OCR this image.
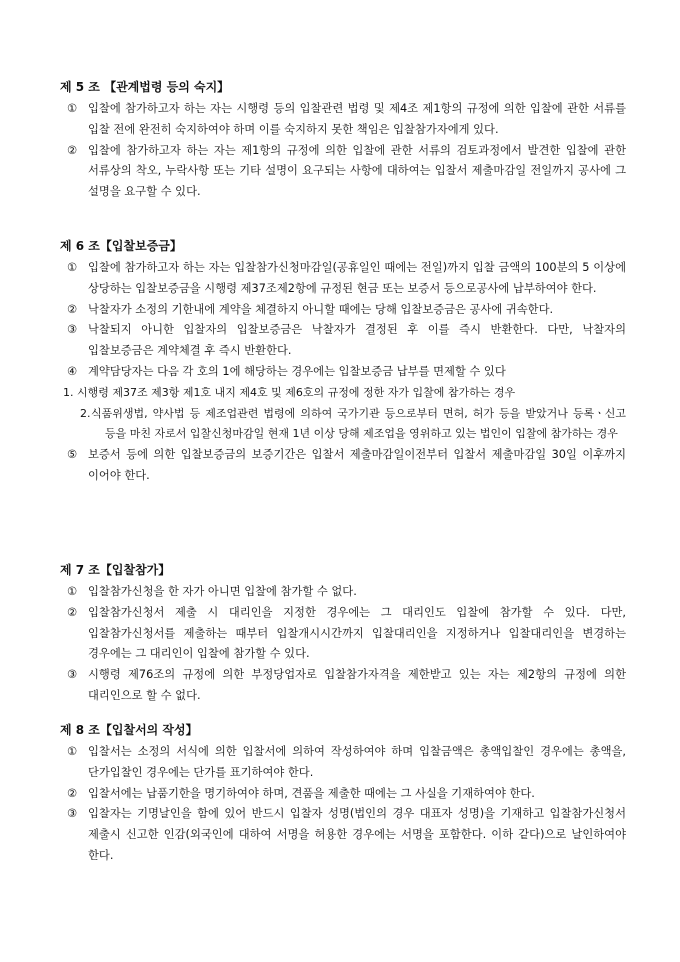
제 5 조 【관계법령 등의 숙지】
① 입찰에 참가하고자 하는 자는 시행령 등의 입찰관련 법령 및 제4조 제1항의 규정에 의한 입찰에 관한 서류를 입찰 전에 완전히 숙지하여야 하며 이를 숙지하지 못한 책임은 입찰참가자에게 있다.
② 입찰에 참가하고자 하는 자는 제1항의 규정에 의한 입찰에 관한 서류의 검토과정에서 발견한 입찰에 관한 서류상의 착오, 누락사항 또는 기타 설명이 요구되는 사항에 대하여는 입찰서 제출마감일 전일까지 공사에 그 설명을 요구할 수 있다.
제 6 조【입찰보증금】
① 입찰에 참가하고자 하는 자는 입찰참가신청마감일(공휴일인 때에는 전일)까지 입찰 금액의 100분의 5 이상에 상당하는 입찰보증금을 시행령 제37조제2항에 규정된 현금 또는 보증서 등으로공사에 납부하여야 한다.
② 낙찰자가 소정의 기한내에 계약을 체결하지 아니할 때에는 당해 입찰보증금은 공사에 귀속한다.
③ 낙찰되지 아니한 입찰자의 입찰보증금은 낙찰자가 결정된 후 이를 즉시 반환한다. 다만, 낙찰자의 입찰보증금은 계약체결 후 즉시 반환한다.
④ 계약담당자는 다음 각 호의 1에 해당하는 경우에는 입찰보증금 납부를 면제할 수 있다
1. 시행령 제37조 제3항 제1호 내지 제4호 및 제6호의 규정에 정한 자가 입찰에 참가하는 경우
2. 식품위생법, 약사법 등 제조업관련 법령에 의하여 국가기관 등으로부터 면허, 허가 등을 받았거나 등록ㆍ신고 등을 마친 자로서 입찰신청마감일 현재 1년 이상 당해 제조업을 영위하고 있는 법인이 입찰에 참가하는 경우
⑤ 보증서 등에 의한 입찰보증금의 보증기간은 입찰서 제출마감일이전부터 입찰서 제출마감일 30일 이후까지 이어야 한다.
제 7 조【입찰참가】
① 입찰참가신청을 한 자가 아니면 입찰에 참가할 수 없다.
② 입찰참가신청서 제출 시 대리인을 지정한 경우에는 그 대리인도 입찰에 참가할 수 있다. 다만, 입찰참가신청서를 제출하는 때부터 입찰개시시간까지 입찰대리인을 지정하거나 입찰대리인을 변경하는 경우에는 그 대리인이 입찰에 참가할 수 있다.
③ 시행령 제76조의 규정에 의한 부정당업자로 입찰참가자격을 제한받고 있는 자는 제2항의 규정에 의한 대리인으로 할 수 없다.
제 8 조【입찰서의 작성】
① 입찰서는 소정의 서식에 의한 입찰서에 의하여 작성하여야 하며 입찰금액은 총액입찰인 경우에는 총액을, 단가입찰인 경우에는 단가를 표기하여야 한다.
② 입찰서에는 납품기한을 명기하여야 하며, 견품을 제출한 때에는 그 사실을 기재하여야 한다.
③ 입찰자는 기명날인을 함에 있어 반드시 입찰자 성명(법인의 경우 대표자 성명)을 기재하고 입찰참가신청서 제출시 신고한 인감(외국인에 대하여 서명을 허용한 경우에는 서명을 포함한다. 이하 같다)으로 날인하여야 한다.
